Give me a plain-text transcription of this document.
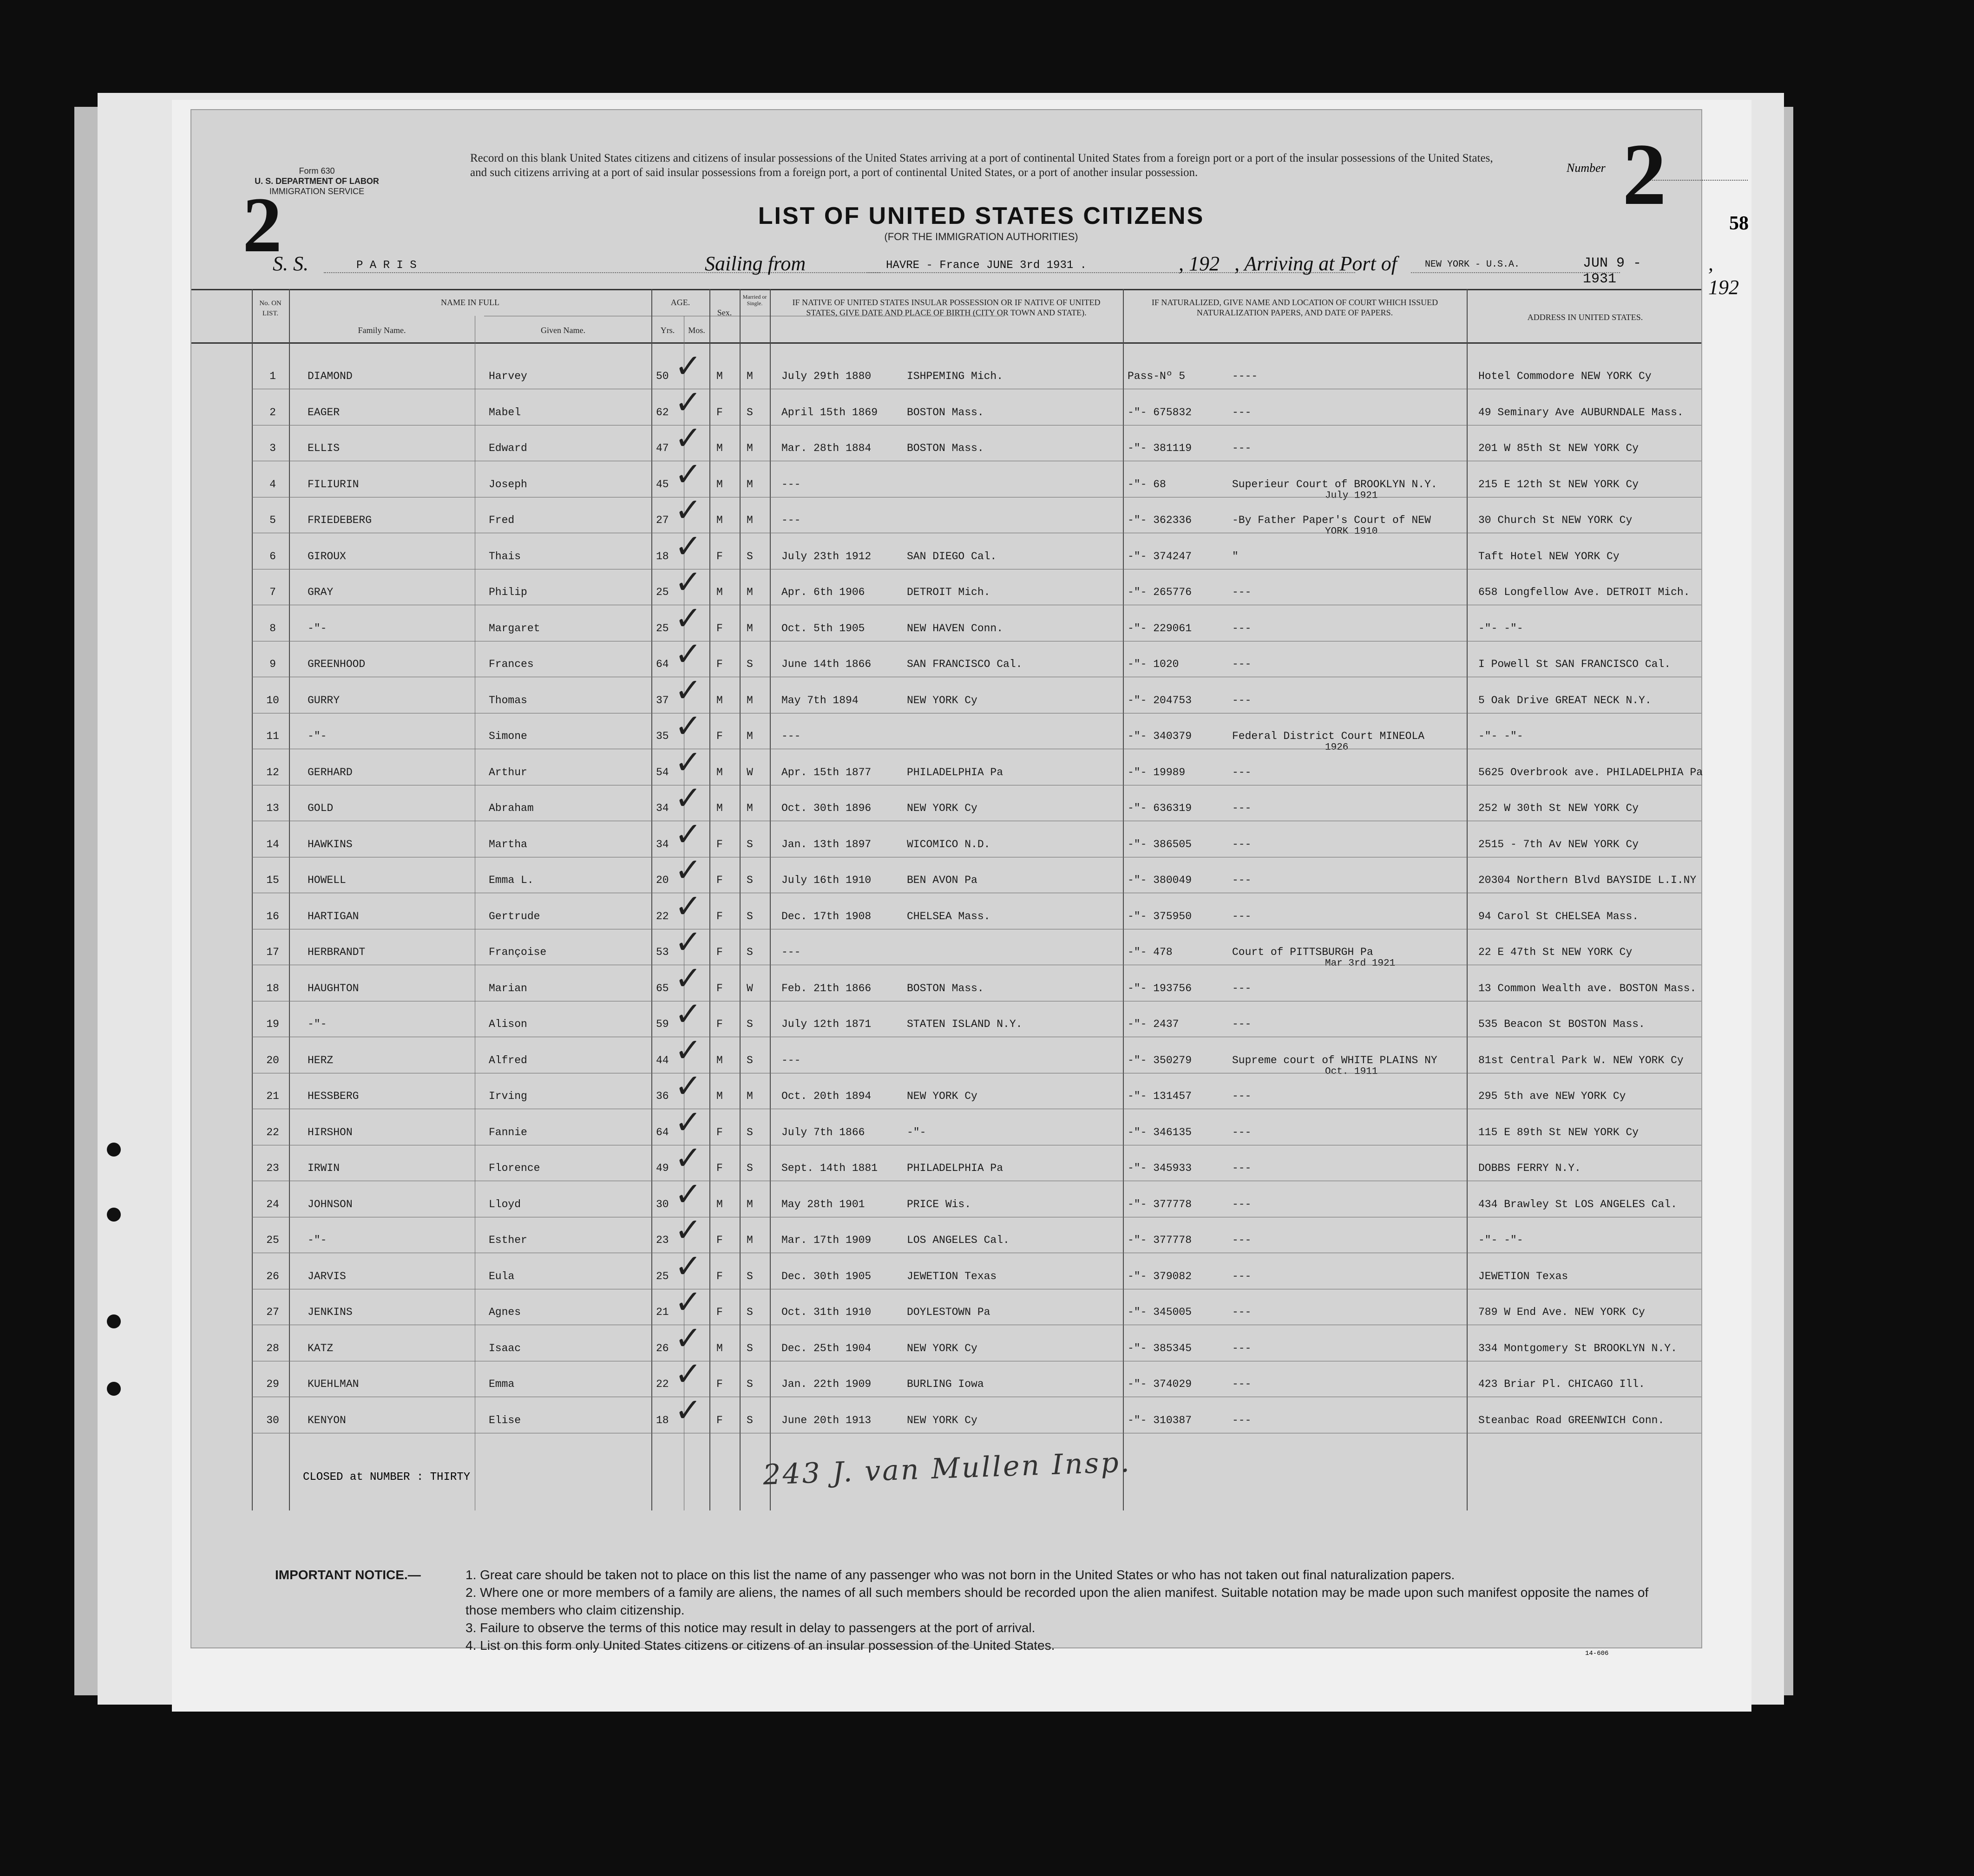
2
Form 630
U. S. DEPARTMENT OF LABOR
IMMIGRATION SERVICE
Record on this blank United States citizens and citizens of insular possessions of the United States arriving at a port of continental United States from a foreign port or a port of the insular possessions of the United States, and such citizens arriving at a port of said insular possessions from a foreign port, a port of continental United States, or a port of another insular possession.
LIST OF UNITED STATES CITIZENS
(FOR THE IMMIGRATION AUTHORITIES)
Number 2	58
S. S.	P A R I S	Sailing from	HAVRE - France JUNE 3rd 1931 .	, 192 , Arriving at Port of	NEW YORK - U.S.A.	JUN 9 - 1931
, 192
No. ON LIST.
NAME IN FULL
Family Name.	Given Name.
AGE.
Yrs.	Mos.
Sex.
Married or Single.	IF NATIVE OF UNITED STATES INSULAR POSSESSION OR IF NATIVE OF UNITED STATES, GIVE DATE AND PLACE OF BIRTH (CITY OR TOWN AND STATE).
IF NATURALIZED, GIVE NAME AND LOCATION OF COURT WHICH ISSUED NATURALIZATION PAPERS, AND DATE OF PAPERS.	ADDRESS IN UNITED STATES.
1	DIAMOND	Harvey	50	M M	July 29th 1880	ISHPEMING Mich.	Pass-Nº 5	----	Hotel Commodore NEW YORK Cy
✓
2	EAGER	Mabel	62	F S	April 15th 1869	BOSTON Mass.	-"- 675832	---	49 Seminary Ave AUBURNDALE Mass.
✓
3	ELLIS	Edward	47	M M	Mar. 28th 1884	BOSTON Mass.	-"- 381119	---	201 W 85th St NEW YORK Cy
✓
4	FILIURIN	Joseph	45	M M	---	-"- 68	Superieur Court of BROOKLYN N.Y.	215 E 12th St NEW YORK Cy
July 1921
✓
5	FRIEDEBERG	Fred	27	M M	---	-"- 362336	-By Father Paper's Court of NEW	30 Church St NEW YORK Cy
YORK 1910
✓
6	GIROUX	Thais	18	F S	July 23th 1912	SAN DIEGO Cal.	-"- 374247	"	Taft Hotel NEW YORK Cy
✓
7	GRAY	Philip	25	M M	Apr. 6th 1906	DETROIT Mich.	-"- 265776	---	658 Longfellow Ave. DETROIT Mich.
✓
8	-"-	Margaret	25	F M	Oct. 5th 1905	NEW HAVEN Conn.	-"- 229061	---	-"- -"-
✓
9	GREENHOOD	Frances	64	F S	June 14th 1866	SAN FRANCISCO Cal.	-"- 1020	---	I Powell St SAN FRANCISCO Cal.
✓
10	GURRY	Thomas	37	M M	May 7th 1894	NEW YORK Cy	-"- 204753	---	5 Oak Drive GREAT NECK N.Y.
✓
11	-"-	Simone	35	F M	---	-"- 340379	Federal District Court MINEOLA	-"- -"-
1926
✓
12	GERHARD	Arthur	54	M W	Apr. 15th 1877	PHILADELPHIA Pa	-"- 19989	---	5625 Overbrook ave. PHILADELPHIA Pa
✓
13	GOLD	Abraham	34	M M	Oct. 30th 1896	NEW YORK Cy	-"- 636319	---	252 W 30th St NEW YORK Cy
✓
14	HAWKINS	Martha	34	F S	Jan. 13th 1897	WICOMICO N.D.	-"- 386505	---	2515 - 7th Av NEW YORK Cy
✓
15	HOWELL	Emma L.	20	F S	July 16th 1910	BEN AVON Pa	-"- 380049	---	20304 Northern Blvd BAYSIDE L.I.NY
✓
16	HARTIGAN	Gertrude	22	F S	Dec. 17th 1908	CHELSEA Mass.	-"- 375950	---	94 Carol St CHELSEA Mass.
✓
17	HERBRANDT	Françoise	53	F S	---	-"- 478	Court of PITTSBURGH Pa	22 E 47th St NEW YORK Cy
Mar 3rd 1921
✓
18	HAUGHTON	Marian	65	F W	Feb. 21th 1866	BOSTON Mass.	-"- 193756	---	13 Common Wealth ave. BOSTON Mass.
✓
19	-"-	Alison	59	F S	July 12th 1871	STATEN ISLAND N.Y.	-"- 2437	---	535 Beacon St BOSTON Mass.
✓
20	HERZ	Alfred	44	M S	---	-"- 350279	Supreme court of WHITE PLAINS NY	81st Central Park W. NEW YORK Cy
Oct. 1911
✓
21	HESSBERG	Irving	36	M M	Oct. 20th 1894	NEW YORK Cy	-"- 131457	---	295 5th ave NEW YORK Cy
✓
22	HIRSHON	Fannie	64	F S	July 7th 1866	-"-	-"- 346135	---	115 E 89th St NEW YORK Cy
✓
23	IRWIN	Florence	49	F S	Sept. 14th 1881	PHILADELPHIA Pa	-"- 345933	---	DOBBS FERRY N.Y.
✓
24	JOHNSON	Lloyd	30	M M	May 28th 1901	PRICE Wis.	-"- 377778	---	434 Brawley St LOS ANGELES Cal.
✓
25	-"-	Esther	23	F M	Mar. 17th 1909	LOS ANGELES Cal.	-"- 377778	---	-"- -"-
✓
26	JARVIS	Eula	25	F S	Dec. 30th 1905	JEWETION Texas	-"- 379082	---	JEWETION Texas
✓
27	JENKINS	Agnes	21	F S	Oct. 31th 1910	DOYLESTOWN Pa	-"- 345005	---	789 W End Ave. NEW YORK Cy
✓
28	KATZ	Isaac	26	M S	Dec. 25th 1904	NEW YORK Cy	-"- 385345	---	334 Montgomery St BROOKLYN N.Y.
✓
29	KUEHLMAN	Emma	22	F S	Jan. 22th 1909	BURLING Iowa	-"- 374029	---	423 Briar Pl. CHICAGO Ill.
✓
30	KENYON	Elise	18	F S	June 20th 1913	NEW YORK Cy	-"- 310387	---	Steanbac Road GREENWICH Conn.
✓
CLOSED at NUMBER : THIRTY	243 J. van Mullen Insp.
IMPORTANT NOTICE.—	1. Great care should be taken not to place on this list the name of any passenger who was not born in the United States or who has not taken out final naturalization papers.

2. Where one or more members of a family are aliens, the names of all such members should be recorded upon the alien manifest. Suitable notation may be made upon such manifest opposite the names of those members who claim citizenship.

3. Failure to observe the terms of this notice may result in delay to passengers at the port of arrival.

4. List on this form only United States citizens or citizens of an insular possession of the United States.

14-606
